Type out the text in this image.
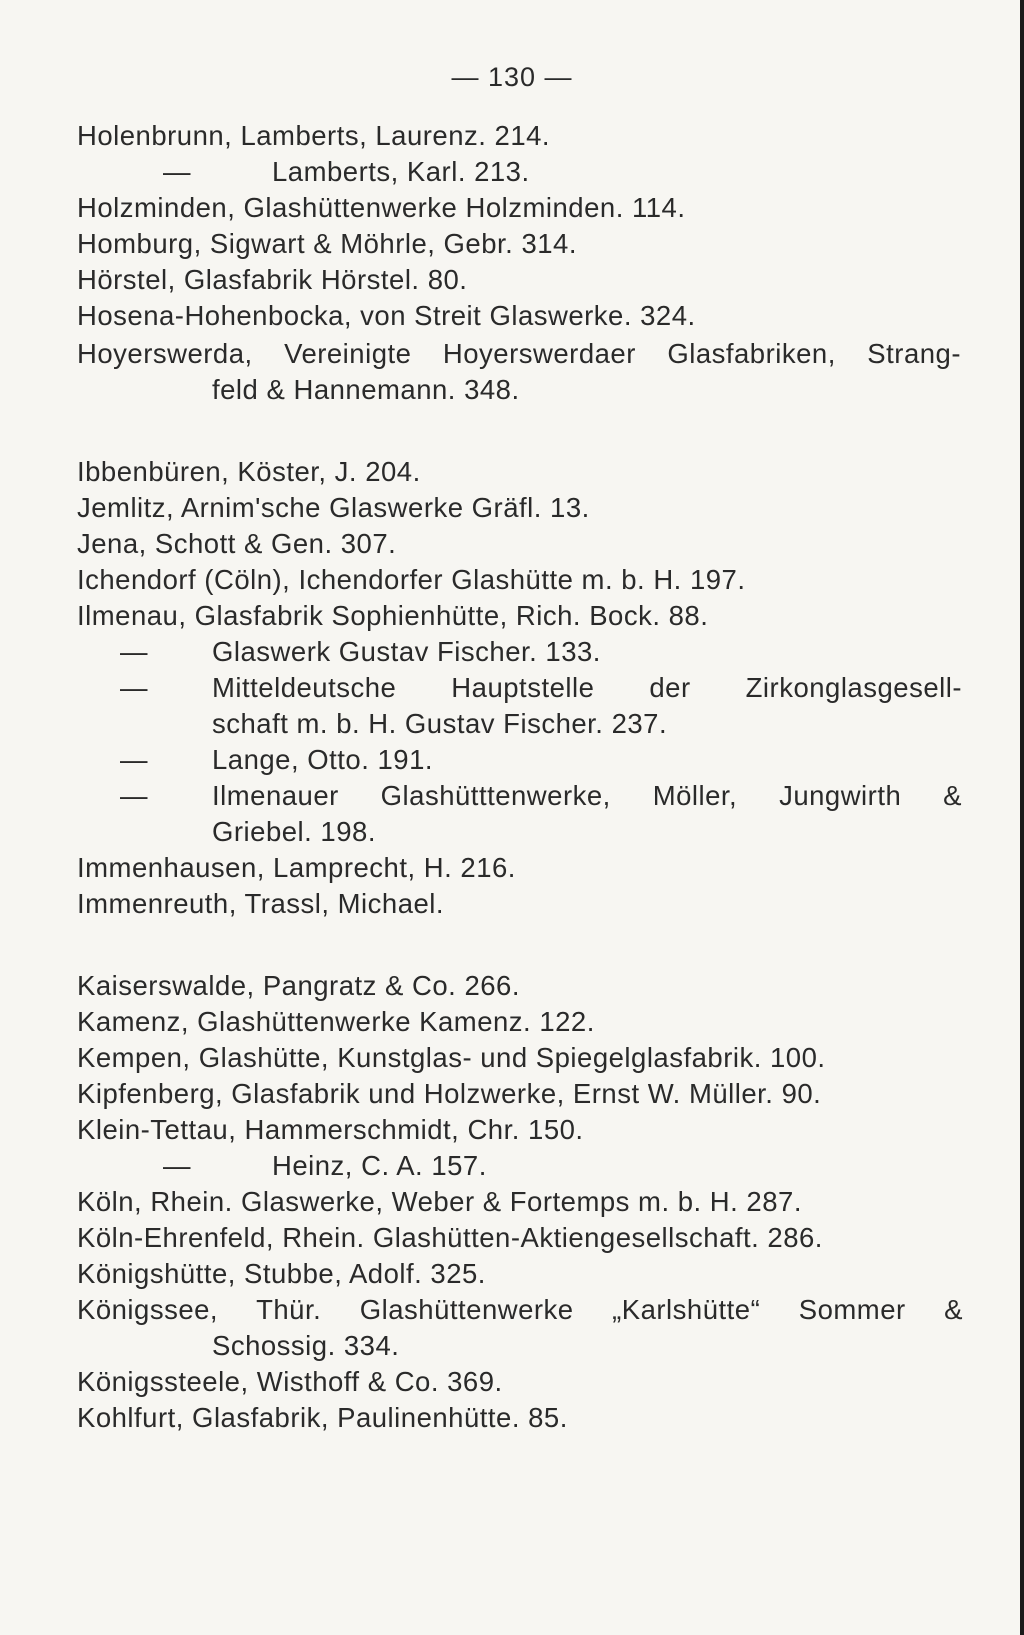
— 130 —
Holenbrunn, Lamberts, Laurenz. 214.
—	Lamberts, Karl. 213.
Holzminden, Glashüttenwerke Holzminden. 114.
Homburg, Sigwart & Möhrle, Gebr. 314.
Hörstel, Glasfabrik Hörstel. 80.
Hosena-Hohenbocka, von Streit Glaswerke. 324.
Hoyerswerda, Vereinigte Hoyerswerdaer Glasfabriken, Strang-
feld & Hannemann. 348.
Ibbenbüren, Köster, J. 204.
Jemlitz, Arnim'sche Glaswerke Gräfl. 13.
Jena, Schott & Gen. 307.
Ichendorf (Cöln), Ichendorfer Glashütte m. b. H. 197.
Ilmenau, Glasfabrik Sophienhütte, Rich. Bock. 88.
— Glaswerk Gustav Fischer. 133.
— Mitteldeutsche Hauptstelle der Zirkonglasgesell-
schaft m. b. H. Gustav Fischer. 237.
— Lange, Otto. 191.
— Ilmenauer Glashütttenwerke, Möller, Jungwirth &
Griebel. 198.
Immenhausen, Lamprecht, H. 216.
Immenreuth, Trassl, Michael.
Kaiserswalde, Pangratz & Co. 266.
Kamenz, Glashüttenwerke Kamenz. 122.
Kempen, Glashütte, Kunstglas- und Spiegelglasfabrik. 100.
Kipfenberg, Glasfabrik und Holzwerke, Ernst W. Müller. 90.
Klein-Tettau, Hammerschmidt, Chr. 150.
—	Heinz, C. A. 157.
Köln, Rhein. Glaswerke, Weber & Fortemps m. b. H. 287.
Köln-Ehrenfeld, Rhein. Glashütten-Aktiengesellschaft. 286.
Königshütte, Stubbe, Adolf. 325.
Königssee, Thür. Glashüttenwerke „Karlshütte“ Sommer &
Schossig. 334.
Königssteele, Wisthoff & Co. 369.
Kohlfurt, Glasfabrik, Paulinenhütte. 85.
